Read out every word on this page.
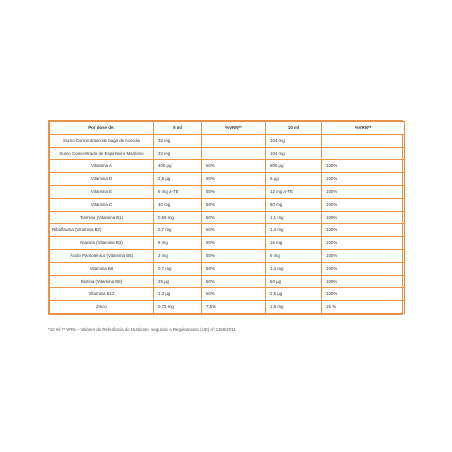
Por dose de:	5 ml	%VRN**	10 ml	%VRN**
Sumo Concentrado de baga de Acerola	32 mg		104 mg	
Sumo Concentrado de Espinheiro Marítimo	32 mg		104 mg	
Vitamina A	400 µg	50%	800 µg	100%
Vitamina D	2,5 µg	50%	5 µg	100%
Vitamina E	6 mg a-TE	50%	12 mg a-TE	100%
Vitamina C	40 mg	50%	80 mg	100%
Tiamina (Vitamina B1)	0,55 mg	50%	1,1 mg	100%
Riboflavina (Vitamina B2)	0,7 mg	50%	1,4 mg	100%
Niacina (Vitamina B3)	8 mg	50%	16 mg	100%
Ácido Pantoténico (Vitamina B5)	3 mg	50%	6 mg	100%
Vitamina B6	0,7 mg	50%	1,4 mg	100%
Biotina (Vitamina B8)	25 µg	50%	50 µg	100%
Vitamina B12	1,3 µg	50%	2,5 µg	100%
Zinco	0,75 mg	7,5%	1,5 mg	15 %
*10 ml ** VRN – Valores de Referência do Nutriente, segundo o Regulamento (UE) nº 1169/2011
